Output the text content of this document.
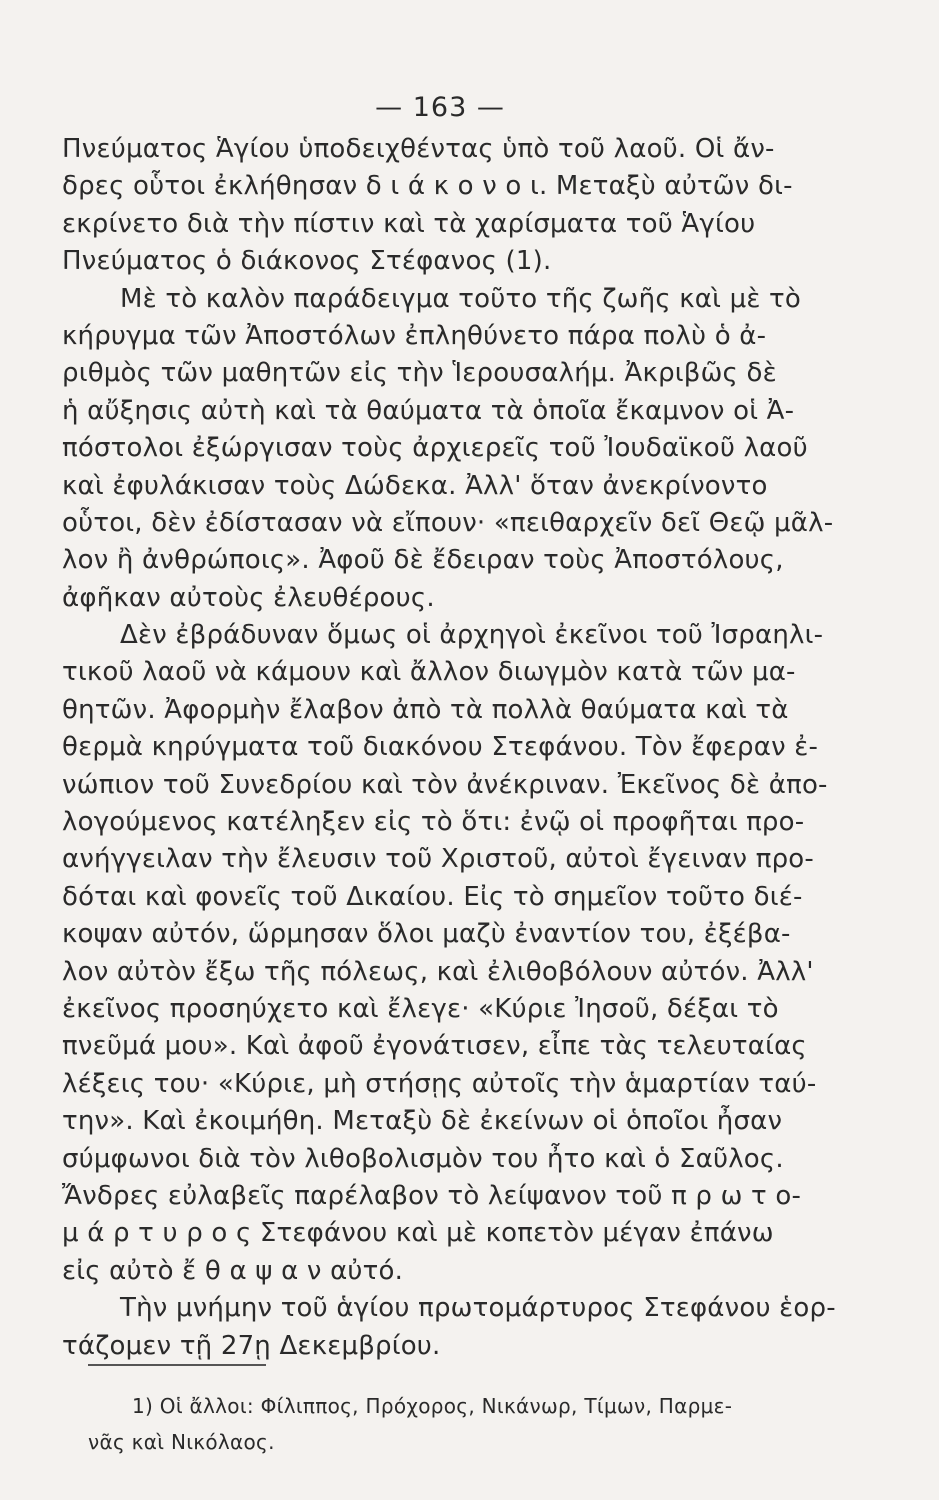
— 163 —
Πνεύματος Ἁγίου ὑποδειχθέντας ὑπὸ τοῦ λαοῦ. Οἱ ἄν-
δρες οὗτοι ἐκλήθησαν δ ι ά κ ο ν ο ι. Μεταξὺ αὐτῶν δι-
εκρίνετο διὰ τὴν πίστιν καὶ τὰ χαρίσματα τοῦ Ἁγίου
Πνεύματος ὁ διάκονος Στέφανος (1).
Μὲ τὸ καλὸν παράδειγμα τοῦτο τῆς ζωῆς καὶ μὲ τὸ
κήρυγμα τῶν Ἀποστόλων ἐπληθύνετο πάρα πολὺ ὁ ἀ-
ριθμὸς τῶν μαθητῶν εἰς τὴν Ἱερουσαλήμ. Ἀκριβῶς δὲ
ἡ αὔξησις αὐτὴ καὶ τὰ θαύματα τὰ ὁποῖα ἔκαμνον οἱ Ἀ-
πόστολοι ἐξώργισαν τοὺς ἀρχιερεῖς τοῦ Ἰουδαϊκοῦ λαοῦ
καὶ ἐφυλάκισαν τοὺς Δώδεκα. Ἀλλ' ὅταν ἀνεκρίνοντο
οὗτοι, δὲν ἐδίστασαν νὰ εἴπουν· «πειθαρχεῖν δεῖ Θεῷ μᾶλ-
λον ἢ ἀνθρώποις». Ἀφοῦ δὲ ἔδειραν τοὺς Ἀποστόλους,
ἀφῆκαν αὐτοὺς ἐλευθέρους.
Δὲν ἐβράδυναν ὅμως οἱ ἀρχηγοὶ ἐκεῖνοι τοῦ Ἰσραηλι-
τικοῦ λαοῦ νὰ κάμουν καὶ ἄλλον διωγμὸν κατὰ τῶν μα-
θητῶν. Ἀφορμὴν ἔλαβον ἀπὸ τὰ πολλὰ θαύματα καὶ τὰ
θερμὰ κηρύγματα τοῦ διακόνου Στεφάνου. Τὸν ἔφεραν ἐ-
νώπιον τοῦ Συνεδρίου καὶ τὸν ἀνέκριναν. Ἐκεῖνος δὲ ἀπο-
λογούμενος κατέληξεν εἰς τὸ ὅτι: ἐνῷ οἱ προφῆται προ-
ανήγγειλαν τὴν ἔλευσιν τοῦ Χριστοῦ, αὐτοὶ ἔγειναν προ-
δόται καὶ φονεῖς τοῦ Δικαίου. Εἰς τὸ σημεῖον τοῦτο διέ-
κοψαν αὐτόν, ὥρμησαν ὅλοι μαζὺ ἐναντίον του, ἐξέβα-
λον αὐτὸν ἔξω τῆς πόλεως, καὶ ἐλιθοβόλουν αὐτόν. Ἀλλ'
ἐκεῖνος προσηύχετο καὶ ἔλεγε· «Κύριε Ἰησοῦ, δέξαι τὸ
πνεῦμά μου». Καὶ ἀφοῦ ἐγονάτισεν, εἶπε τὰς τελευταίας
λέξεις του· «Κύριε, μὴ στήσῃς αὐτοῖς τὴν ἁμαρτίαν ταύ-
την». Καὶ ἐκοιμήθη. Μεταξὺ δὲ ἐκείνων οἱ ὁποῖοι ἦσαν
σύμφωνοι διὰ τὸν λιθοβολισμὸν του ἦτο καὶ ὁ Σαῦλος.
Ἄνδρες εὐλαβεῖς παρέλαβον τὸ λείψανον τοῦ π ρ ω τ ο-
μ ά ρ τ υ ρ ο ς Στεφάνου καὶ μὲ κοπετὸν μέγαν ἐπάνω
εἰς αὐτὸ ἔ θ α ψ α ν αὐτό.
Τὴν μνήμην τοῦ ἁγίου πρωτομάρτυρος Στεφάνου ἑορ-
τάζομεν τῇ 27ῃ Δεκεμβρίου.
1) Οἱ ἄλλοι: Φίλιππος, Πρόχορος, Νικάνωρ, Τίμων, Παρμε-
νᾶς καὶ Νικόλαος.
